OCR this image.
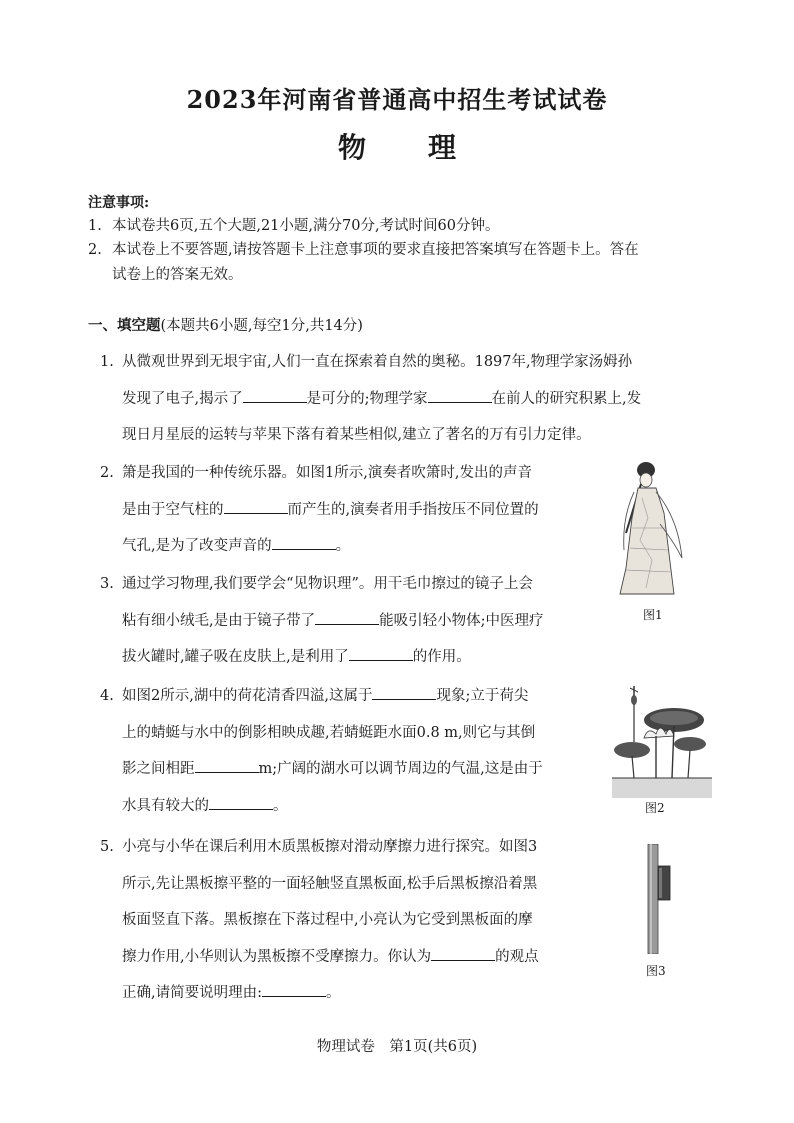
2023年河南省普通高中招生考试试卷
物理
注意事项:
1. 本试卷共6页,五个大题,21小题,满分70分,考试时间60分钟。
2. 本试卷上不要答题,请按答题卡上注意事项的要求直接把答案填写在答题卡上。答在
试卷上的答案无效。
一、填空题(本题共6小题,每空1分,共14分)
1. 从微观世界到无垠宇宙,人们一直在探索着自然的奥秘。1897年,物理学家汤姆孙
发现了电子,揭示了	是可分的;物理学家	在前人的研究积累上,发
现日月星辰的运转与苹果下落有着某些相似,建立了著名的万有引力定律。
2. 箫是我国的一种传统乐器。如图1所示,演奏者吹箫时,发出的声音
是由于空气柱的	而产生的,演奏者用手指按压不同位置的
气孔,是为了改变声音的	。
3. 通过学习物理,我们要学会“见物识理”。用干毛巾擦过的镜子上会
粘有细小绒毛,是由于镜子带了	能吸引轻小物体;中医理疗
拔火罐时,罐子吸在皮肤上,是利用了	的作用。
4. 如图2所示,湖中的荷花清香四溢,这属于	现象;立于荷尖
上的蜻蜓与水中的倒影相映成趣,若蜻蜓距水面0.8 m,则它与其倒
影之间相距	m;广阔的湖水可以调节周边的气温,这是由于
水具有较大的	。
5. 小亮与小华在课后利用木质黑板擦对滑动摩擦力进行探究。如图3
所示,先让黑板擦平整的一面轻触竖直黑板面,松手后黑板擦沿着黑
板面竖直下落。黑板擦在下落过程中,小亮认为它受到黑板面的摩
擦力作用,小华则认为黑板擦不受摩擦力。你认为	的观点
正确,请简要说明理由:	。
图1
图2
图3
物理试卷　第1页(共6页)
